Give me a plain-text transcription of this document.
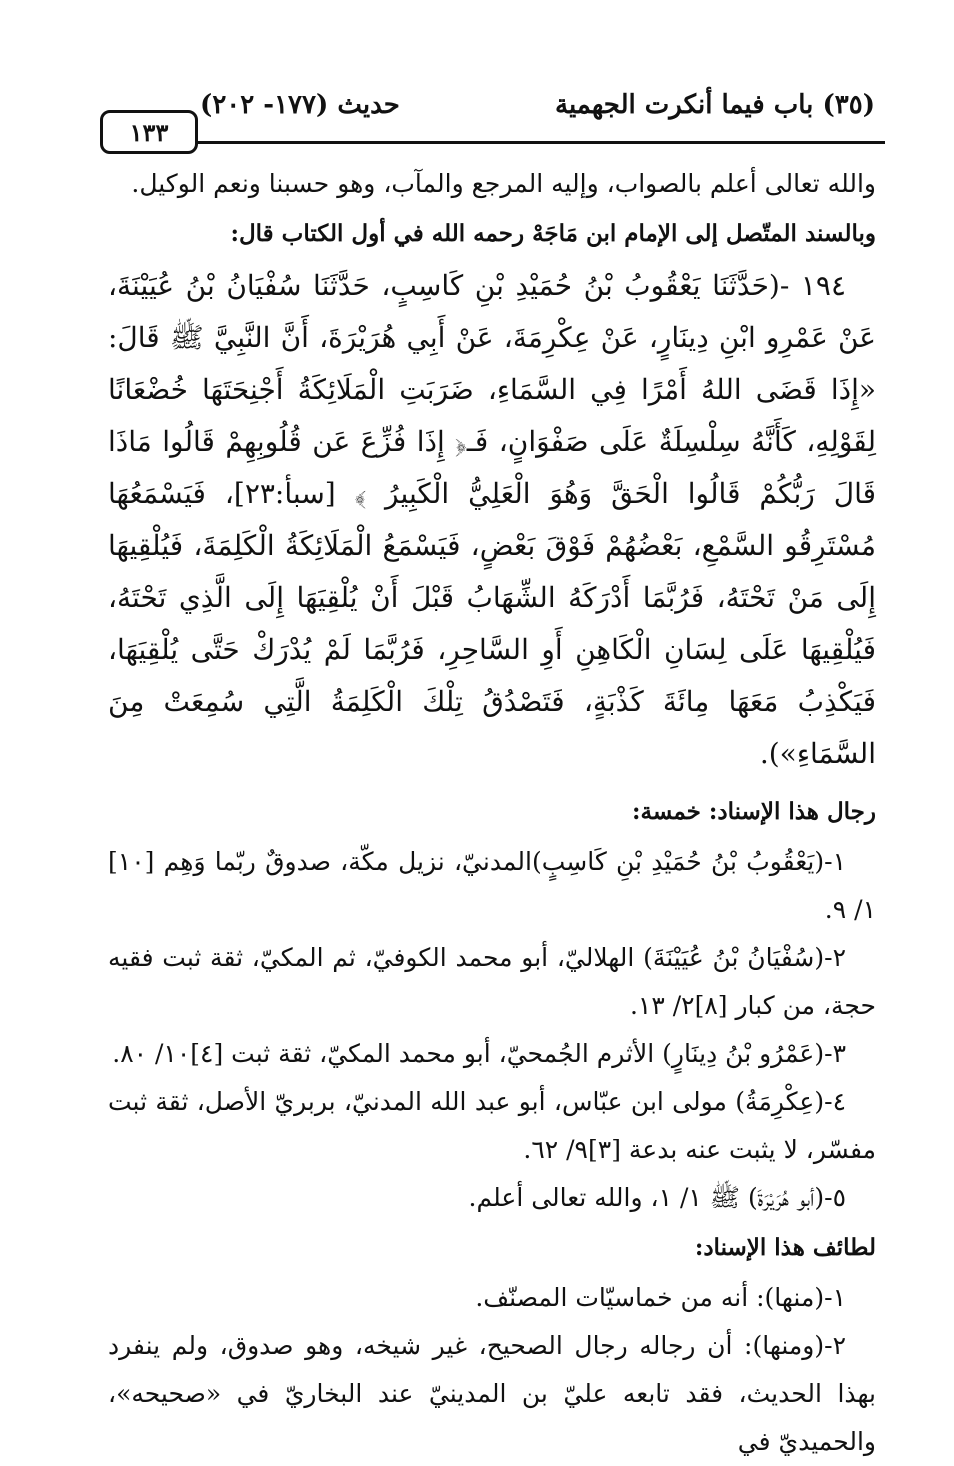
(٣٥) باب فيما أنكرت الجهمية
حديث (١٧٧- ٢٠٢)
١٣٣

والله تعالى أعلم بالصواب، وإليه المرجع والمآب، وهو حسبنا ونعم الوكيل.

وبالسند المتّصل إلى الإمام ابن مَاجَهْ رحمه الله في أول الكتاب قال:

١٩٤ -(حَدَّثَنَا يَعْقُوبُ بْنُ حُمَيْدِ بْنِ كَاسِبٍ، حَدَّثَنَا سُفْيَانُ بْنُ عُيَيْنَةَ، عَنْ عَمْرِو ابْنِ دِينَارٍ، عَنْ عِكْرِمَةَ، عَنْ أَبِي هُرَيْرَةَ، أَنَّ النَّبِيَّ ﷺ قَالَ: «إِذَا قَضَى اللهُ أَمْرًا فِي السَّمَاءِ، ضَرَبَتِ الْمَلَائِكَةُ أَجْنِحَتَهَا خُضْعَانًا لِقَوْلِهِ، كَأَنَّهُ سِلْسِلَةٌ عَلَى صَفْوَانٍ، فَـ﴿ إِذَا فُزِّعَ عَن قُلُوبِهِمْ قَالُوا مَاذَا قَالَ رَبُّكُمْ قَالُوا الْحَقَّ وَهُوَ الْعَلِيُّ الْكَبِيرُ ﴾ [سبأ:٢٣]، فَيَسْمَعُهَا مُسْتَرِقُو السَّمْعِ، بَعْضُهُمْ فَوْقَ بَعْضٍ، فَيَسْمَعُ الْمَلَائِكَةُ الْكَلِمَةَ، فَيُلْقِيهَا إِلَى مَنْ تَحْتَهُ، فَرُبَّمَا أَدْرَكَهُ الشِّهَابُ قَبْلَ أَنْ يُلْقِيَهَا إِلَى الَّذِي تَحْتَهُ، فَيُلْقِيهَا عَلَى لِسَانِ الْكَاهِنِ أَوِ السَّاحِرِ، فَرُبَّمَا لَمْ يُدْرَكْ حَتَّى يُلْقِيَهَا، فَيَكْذِبُ مَعَهَا مِائَةَ كَذْبَةٍ، فَتَصْدُقُ تِلْكَ الْكَلِمَةُ الَّتِي سُمِعَتْ مِنَ السَّمَاءِ»).

رجال هذا الإسناد: خمسة:

١-(يَعْقُوبُ بْنُ حُمَيْدِ بْنِ كَاسِبٍ)المدنيّ، نزيل مكّة، صدوقٌ ربّما وَهِم [١٠] ١/ ٩.

٢-(سُفْيَانُ بْنُ عُيَيْنَةَ) الهلاليّ، أبو محمد الكوفيّ، ثم المكيّ، ثقة ثبت فقيه حجة، من كبار [٨]٢/ ١٣.

٣-(عَمْرُو بْنُ دِينَارٍ) الأثرم الجُمحيّ، أبو محمد المكيّ، ثقة ثبت [٤]١٠/ ٨٠.

٤-(عِكْرِمَةُ) مولى ابن عبّاس، أبو عبد الله المدنيّ، بربريّ الأصل، ثقة ثبت مفسّر، لا يثبت عنه بدعة [٣]٩/ ٦٢.

٥-(أبو هُرَيْرَةَ) ﷺ ١/ ١، والله تعالى أعلم.

لطائف هذا الإسناد:

١-(منها): أنه من خماسيّات المصنّف.

٢-(ومنها): أن رجاله رجال الصحيح، غير شيخه، وهو صدوق، ولم ينفرد بهذا الحديث، فقد تابعه عليّ بن المدينيّ عند البخاريّ في «صحيحه»، والحميديّ في
